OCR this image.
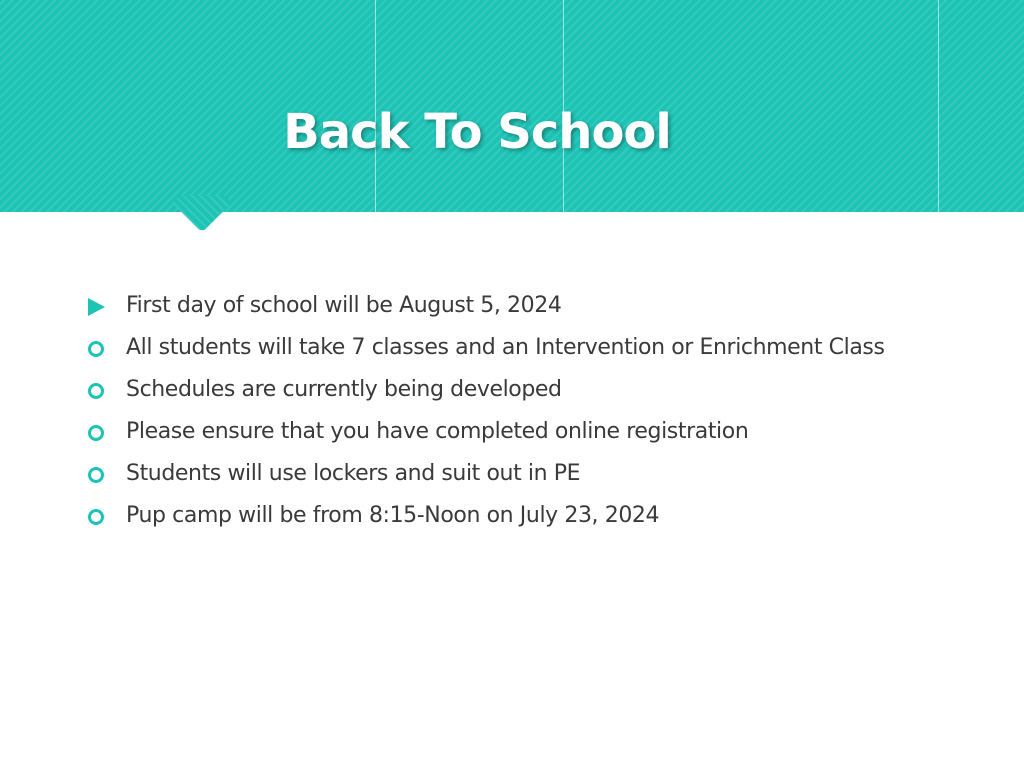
Back To School
First day of school will be August 5, 2024
All students will take 7 classes and an Intervention or Enrichment Class
Schedules are currently being developed
Please ensure that you have completed online registration
Students will use lockers and suit out in PE
Pup camp will be from 8:15-Noon on July 23, 2024
